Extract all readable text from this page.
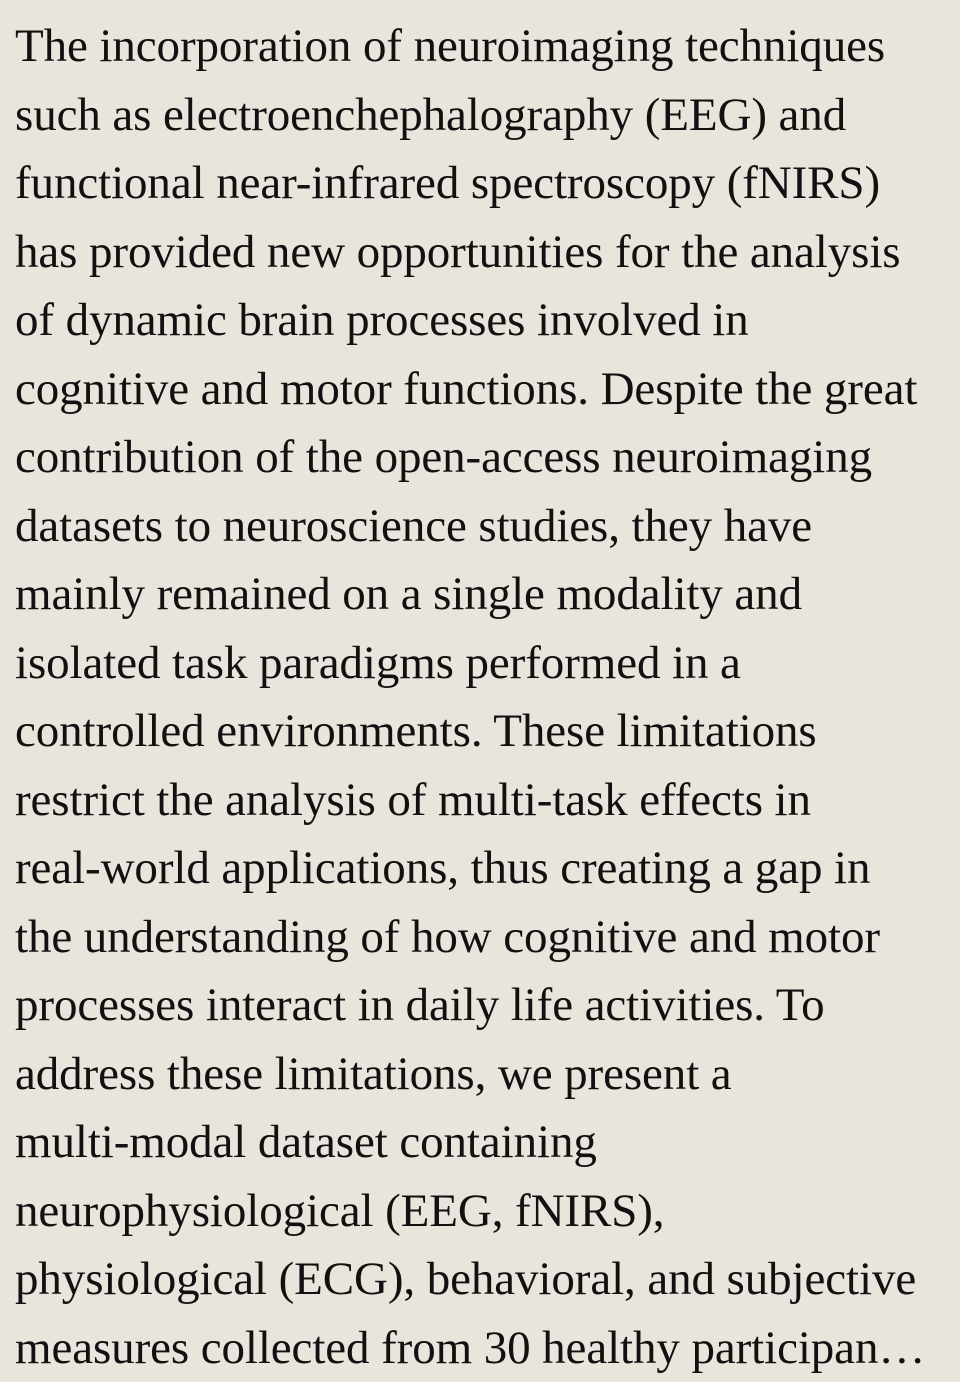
The incorporation of neuroimaging techniques
such as electroenchephalography (EEG) and
functional near-infrared spectroscopy (fNIRS)
has provided new opportunities for the analysis
of dynamic brain processes involved in
cognitive and motor functions. Despite the great
contribution of the open-access neuroimaging
datasets to neuroscience studies, they have
mainly remained on a single modality and
isolated task paradigms performed in a
controlled environments. These limitations
restrict the analysis of multi-task effects in
real-world applications, thus creating a gap in
the understanding of how cognitive and motor
processes interact in daily life activities. To
address these limitations, we present a
multi-modal dataset containing
neurophysiological (EEG, fNIRS),
physiological (ECG), behavioral, and subjective
measures collected from 30 healthy participan…
